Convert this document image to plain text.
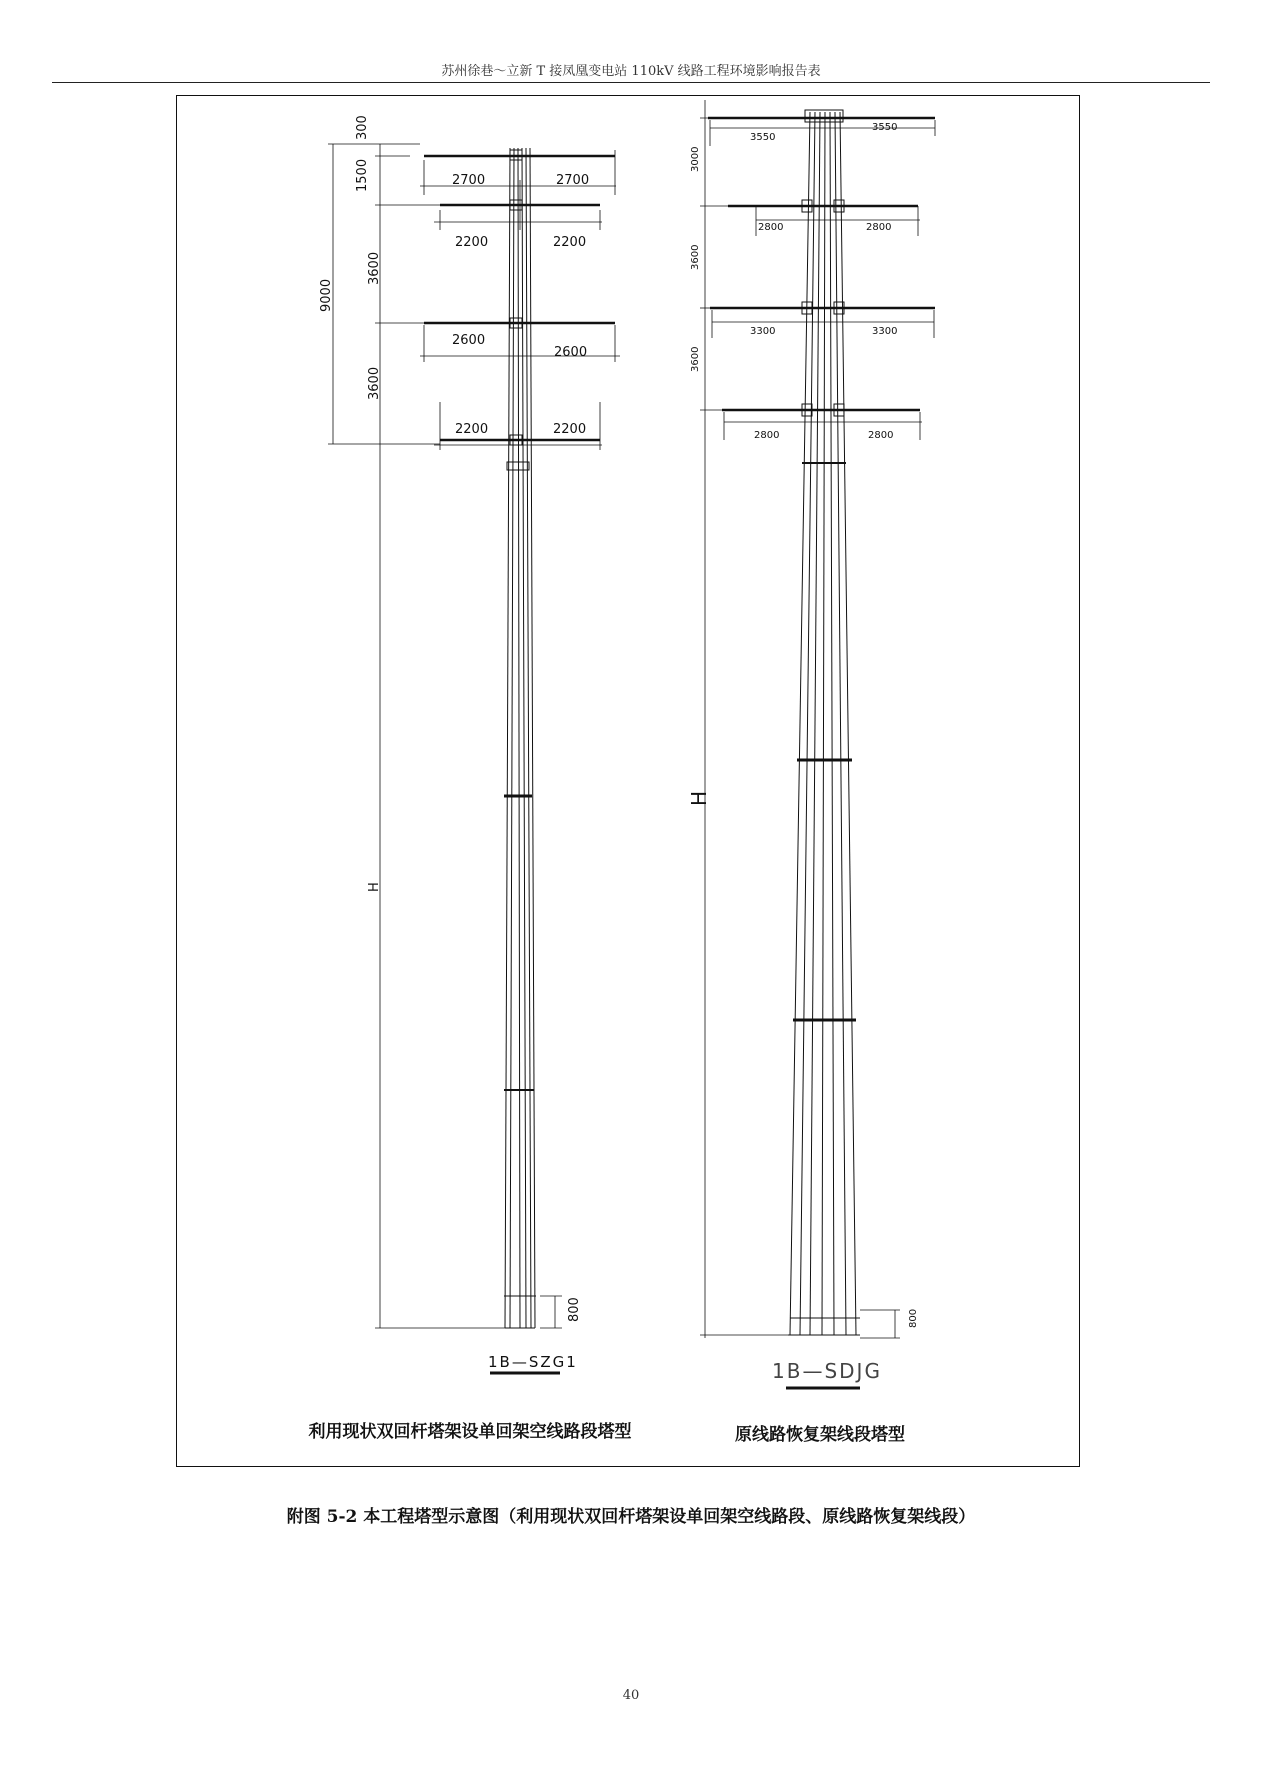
苏州徐巷～立新 T 接凤凰变电站 110kV 线路工程环境影响报告表
300
1500
3600
3600
9000
H
800
2700	2700
2200	2200
2600
2600
2200	2200
1B—SZG1
3000
3600
3600
H
800
3550
3550
2800	2800
3300	3300
2800	2800
1B—SDJG
利用现状双回杆塔架设单回架空线路段塔型	原线路恢复架线段塔型
附图 5-2 本工程塔型示意图（利用现状双回杆塔架设单回架空线路段、原线路恢复架线段）
40
